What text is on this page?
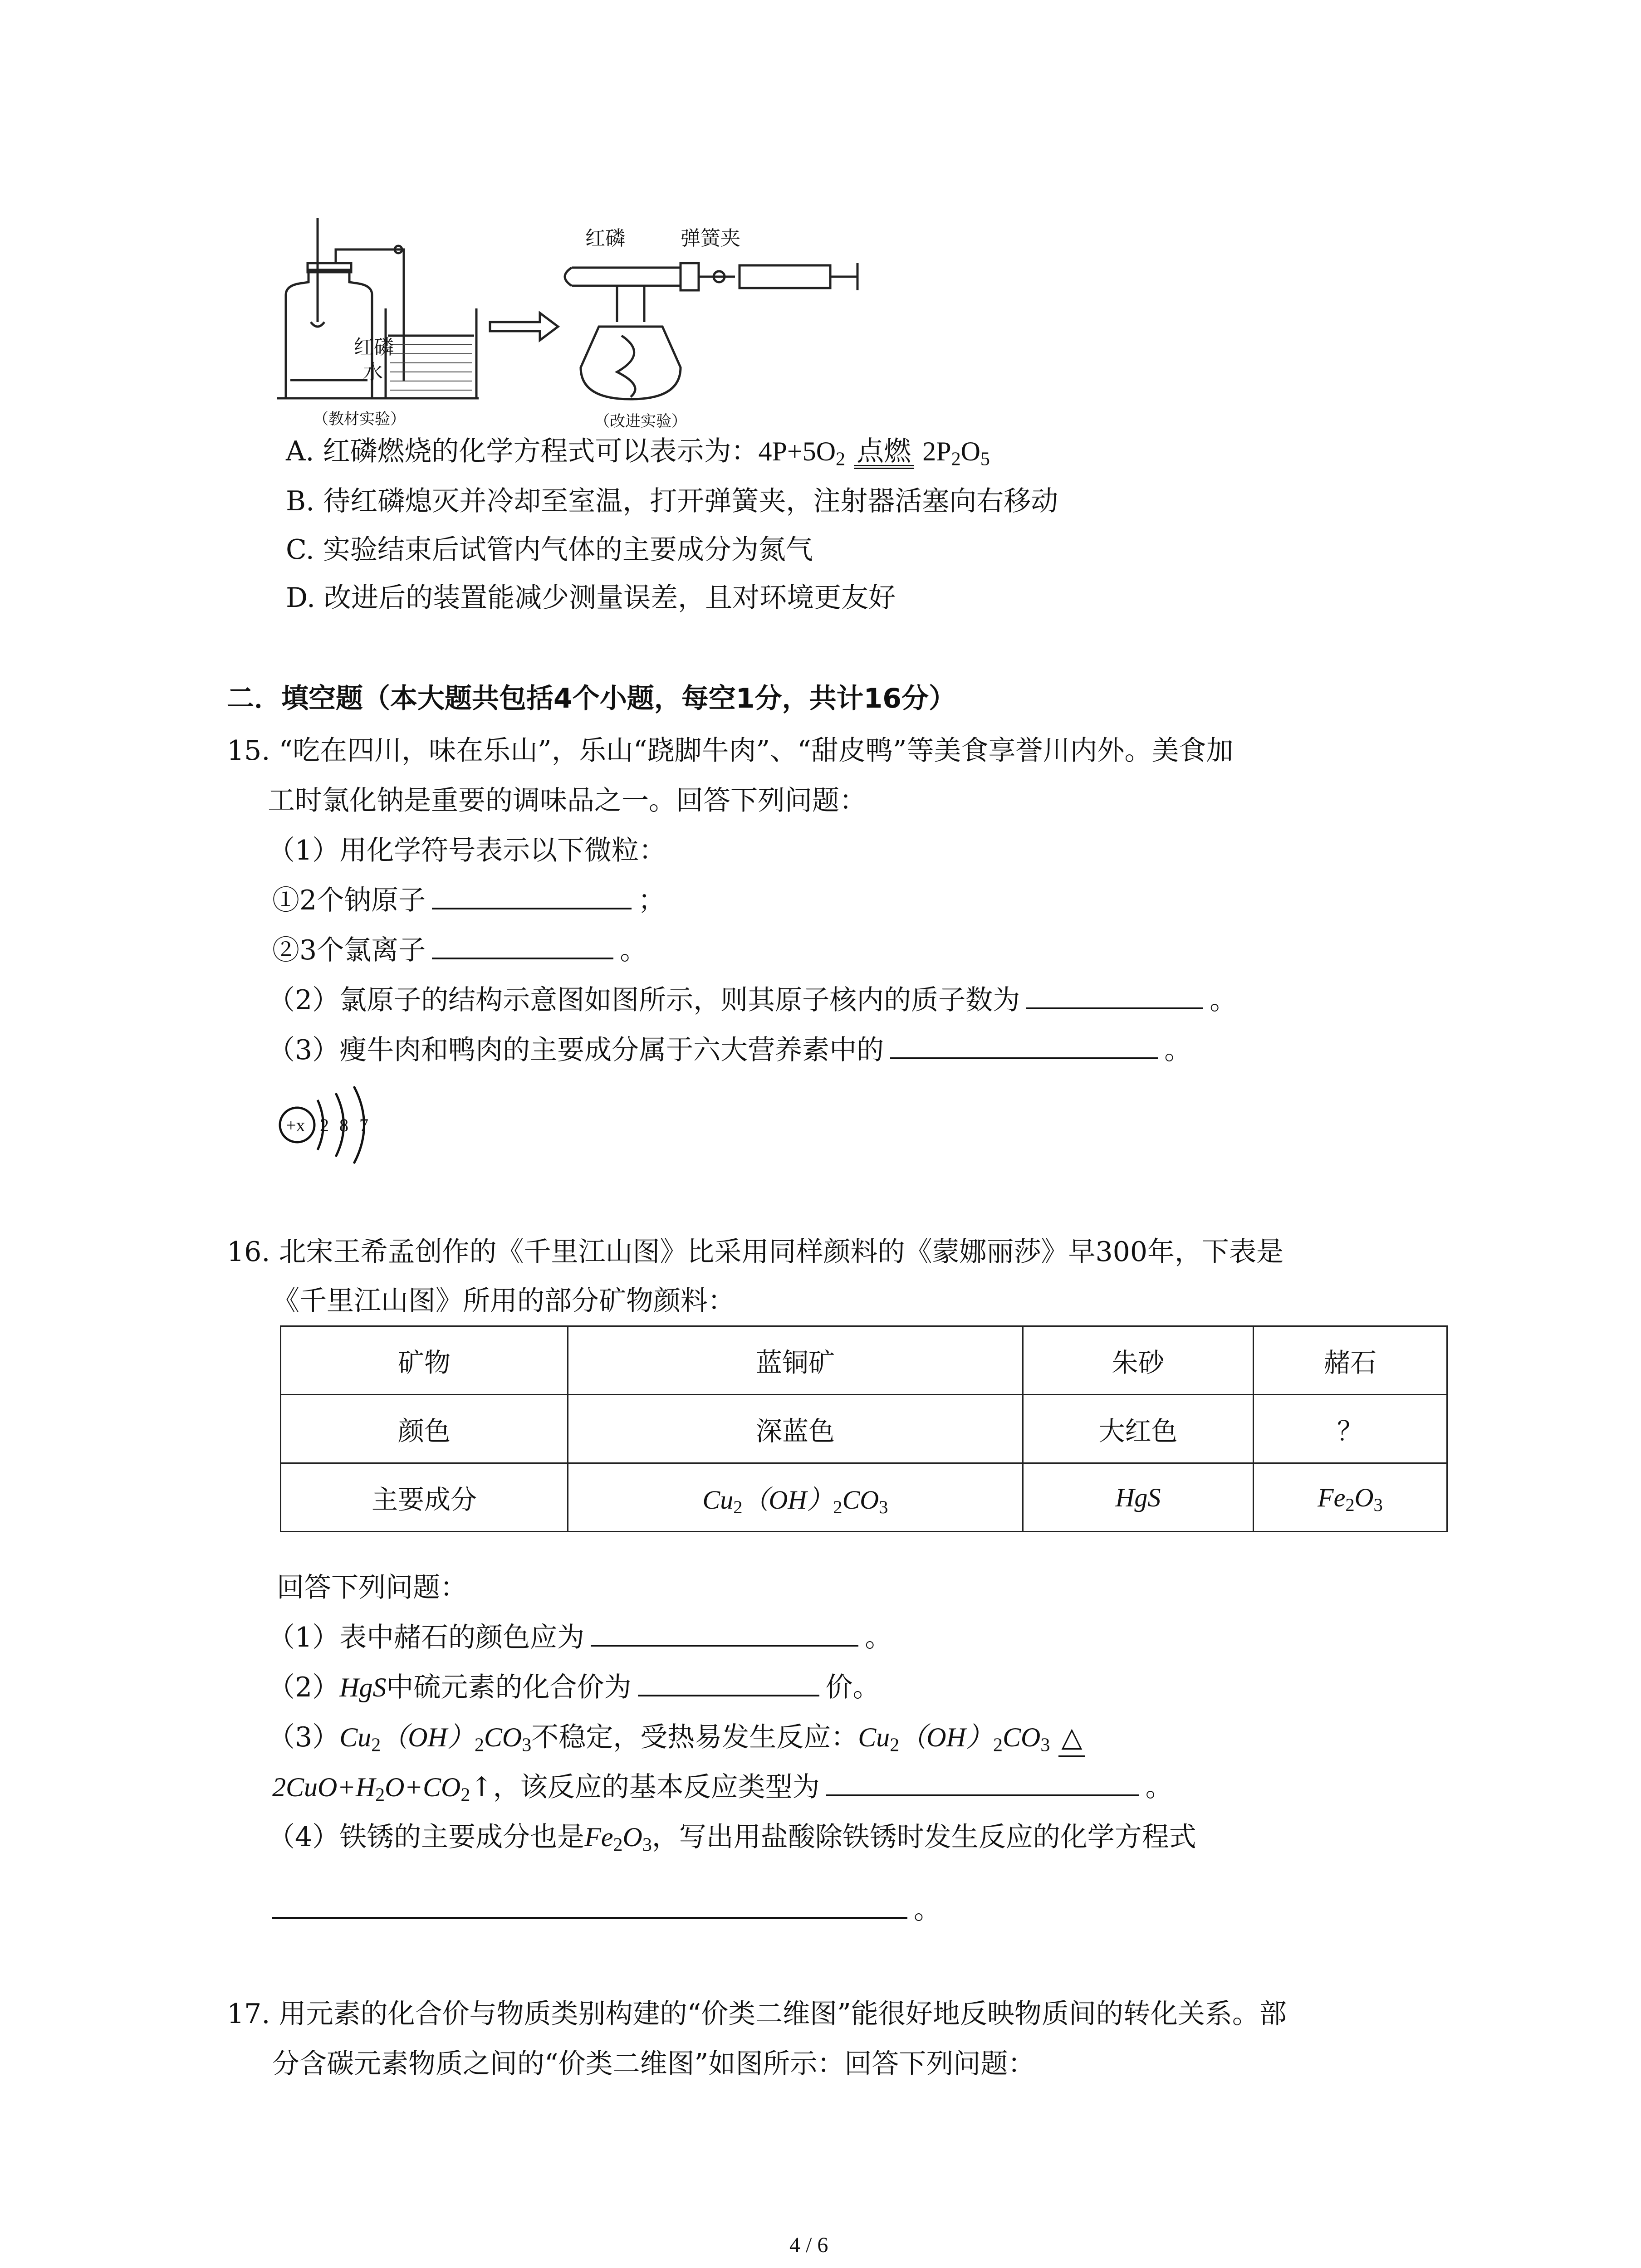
红磷
水
（教材实验）
红磷	弹簧夹
（改进实验）
A. 红磷燃烧的化学方程式可以表示为：$4P+5O_2$ 点燃 $2P_2O_5$
B. 待红磷熄灭并冷却至室温，打开弹簧夹，注射器活塞向右移动
C. 实验结束后试管内气体的主要成分为氮气
D. 改进后的装置能减少测量误差，且对环境更友好
二．填空题（本大题共包括4个小题，每空1分，共计16分）
15. “吃在四川，味在乐山”，乐山“跷脚牛肉”、“甜皮鸭”等美食享誉川内外。美食加
工时氯化钠是重要的调味品之一。回答下列问题：
（1）用化学符号表示以下微粒：
①2个钠原子	；
②3个氯离子	。
（2）氯原子的结构示意图如图所示，则其原子核内的质子数为	。
（3）瘦牛肉和鸭肉的主要成分属于六大营养素中的	。
+x 2 8 7
16. 北宋王希孟创作的《千里江山图》比采用同样颜料的《蒙娜丽莎》早300年，下表是
《千里江山图》所用的部分矿物颜料：
矿物	蓝铜矿	朱砂	赭石
颜色	深蓝色	大红色	？
主要成分	$Cu_2(OH)_2CO_3$	HgS	$Fe_2O_3$
回答下列问题：
（1）表中赭石的颜色应为	。
（2）HgS中硫元素的化合价为	价。
$(3)Cu_2(OH)_2CO_3$不稳定，受热易发生反应：$Cu_2(OH)_2CO_3$ △
$2CuO+H_2O+CO_2↑$，该反应的基本反应类型为	。
（4）铁锈的主要成分也是$Fe_2O_3$，写出用盐酸除铁锈时发生反应的化学方程式
。
17. 用元素的化合价与物质类别构建的“价类二维图”能很好地反映物质间的转化关系。部
分含碳元素物质之间的“价类二维图”如图所示：回答下列问题：
4 / 6
